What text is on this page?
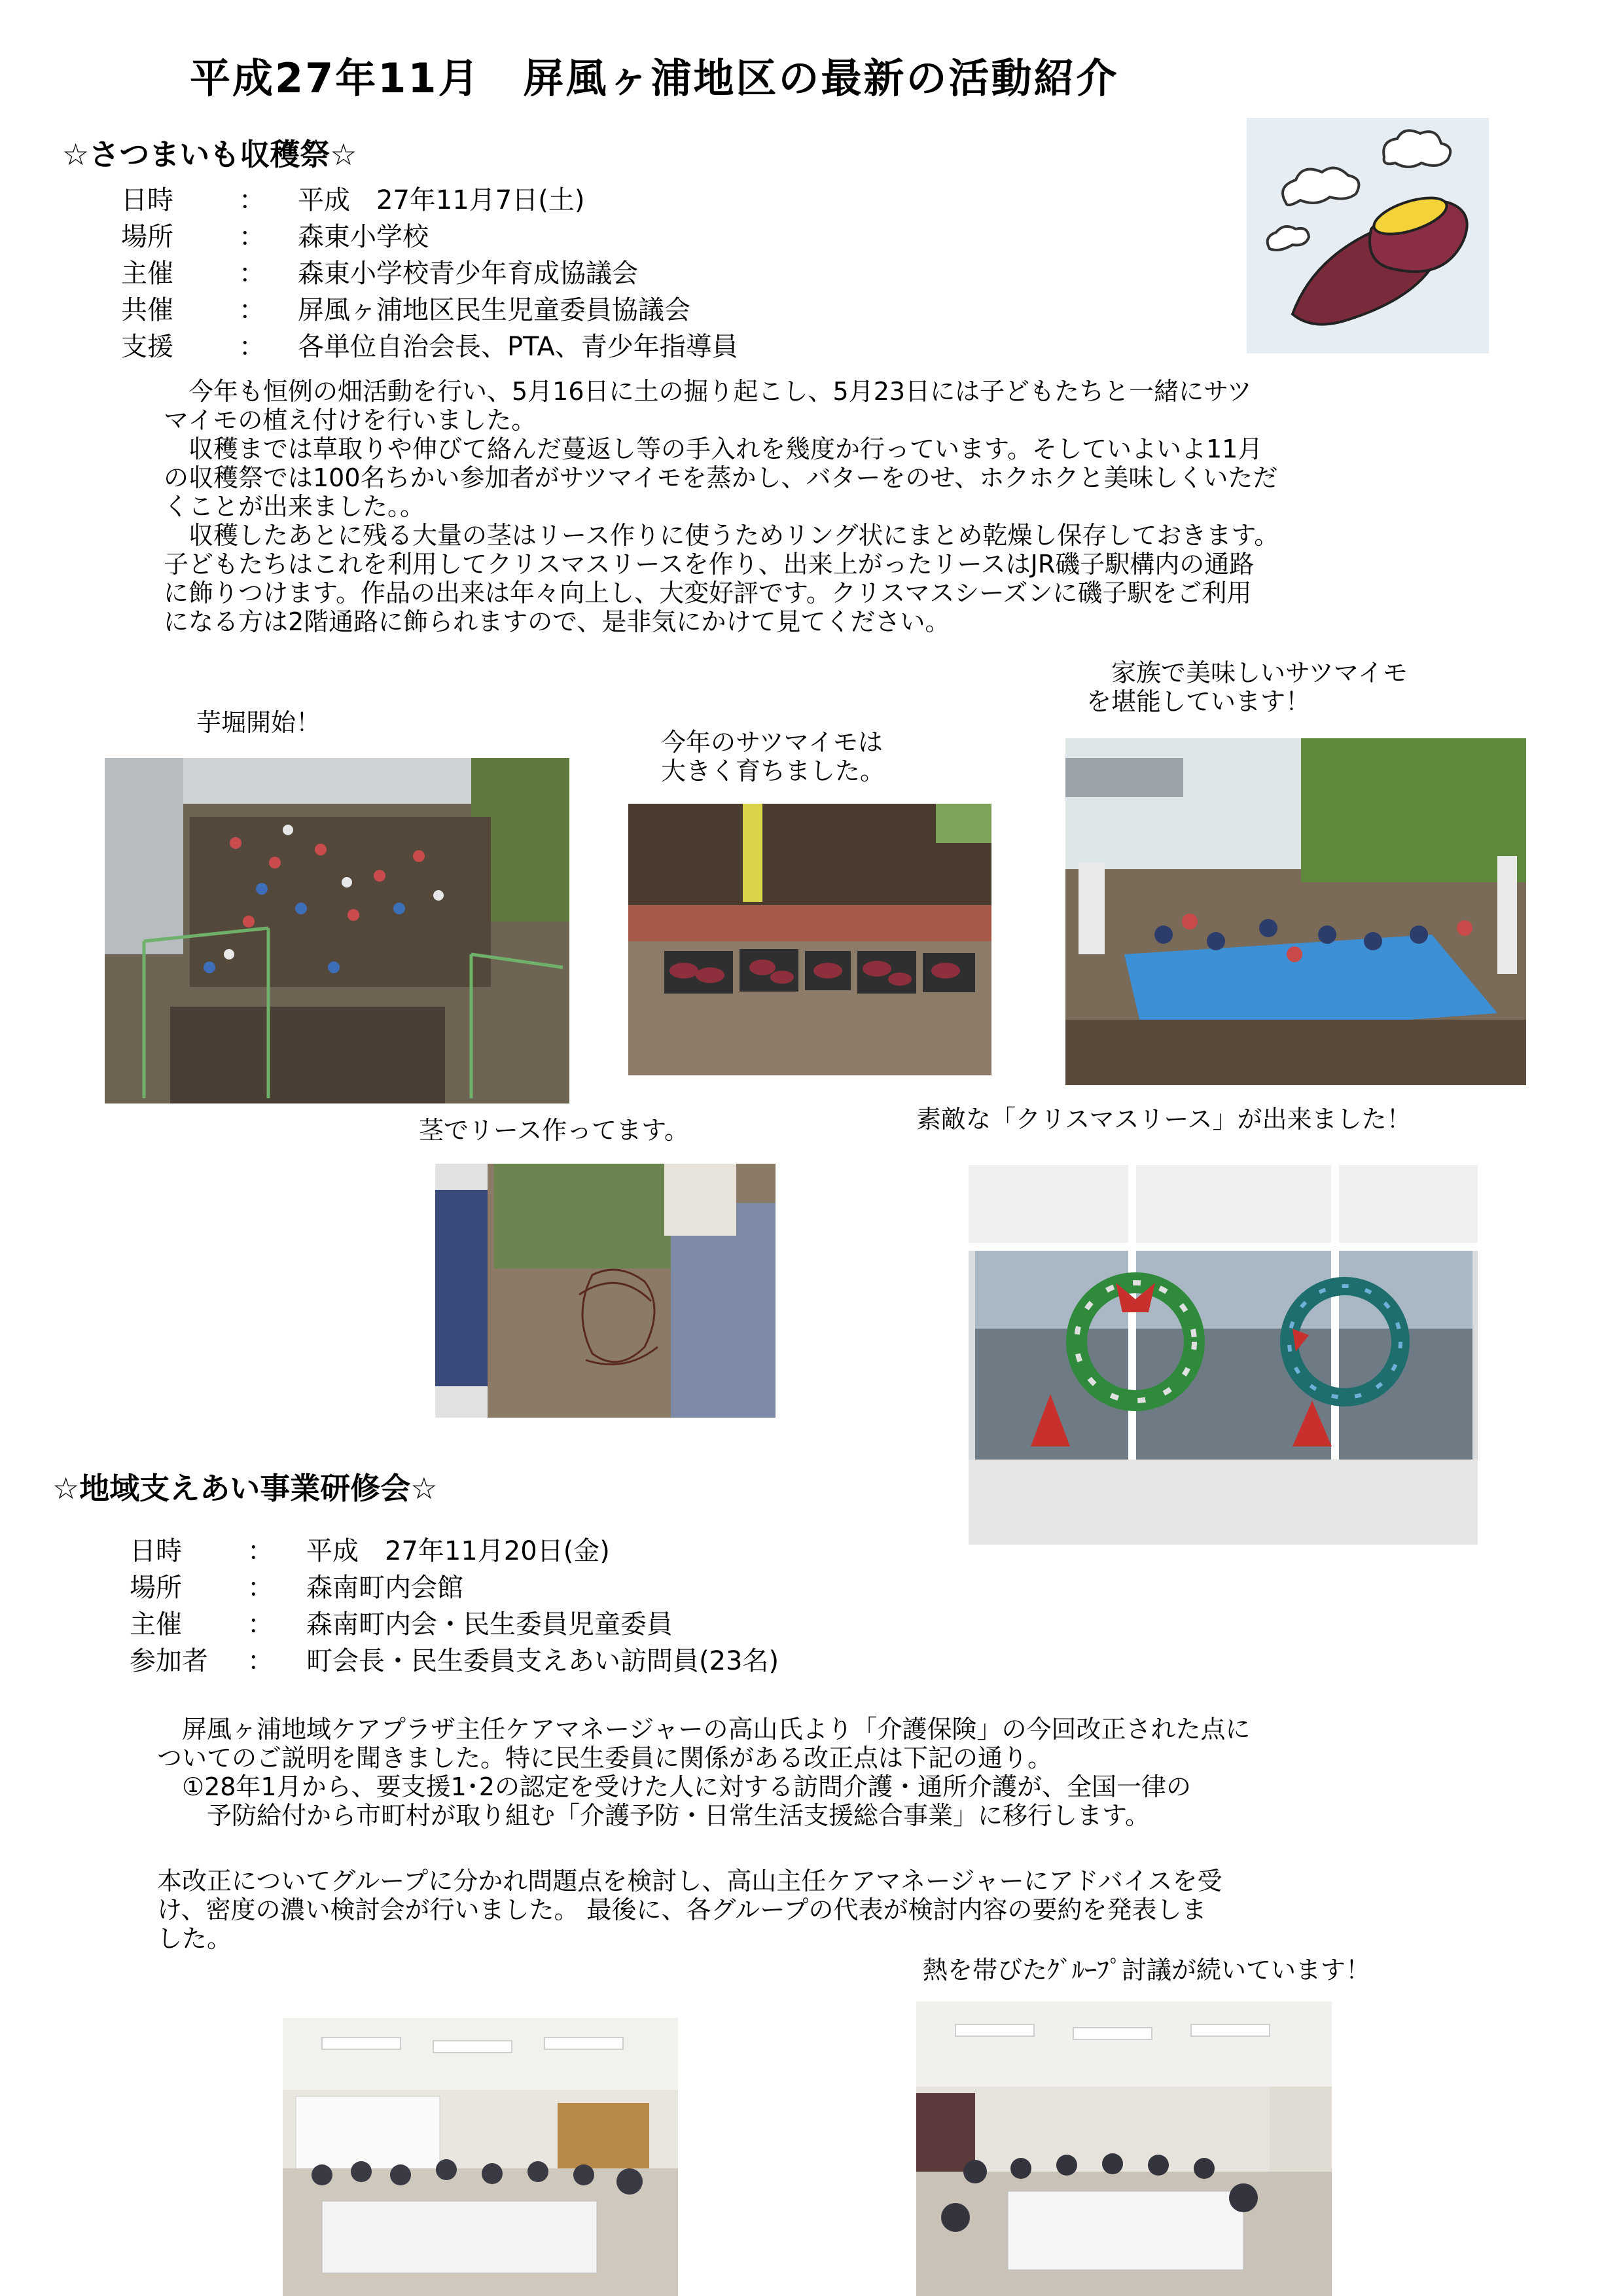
平成27年11月　屏風ヶ浦地区の最新の活動紹介
☆さつまいも収穫祭☆
日時	：	平成　27年11月7日(土)
場所	：	森東小学校
主催	：	森東小学校青少年育成協議会
共催	：	屏風ヶ浦地区民生児童委員協議会
支援	：	各単位自治会長、PTA、青少年指導員

　今年も恒例の畑活動を行い、5月16日に土の掘り起こし、5月23日には子どもたちと一緒にサツ

マイモの植え付けを行いました。

　収穫までは草取りや伸びて絡んだ蔓返し等の手入れを幾度か行っています。そしていよいよ11月

の収穫祭では100名ちかい参加者がサツマイモを蒸かし、バターをのせ、ホクホクと美味しくいただ

くことが出来ました。。

　収穫したあとに残る大量の茎はリース作りに使うためリング状にまとめ乾燥し保存しておきます。

子どもたちはこれを利用してクリスマスリースを作り、出来上がったリースはJR磯子駅構内の通路

に飾りつけます。作品の出来は年々向上し、大変好評です。クリスマスシーズンに磯子駅をご利用

になる方は2階通路に飾られますので、是非気にかけて見てください。

芋堀開始！
今年のサツマイモは
大きく育ちました。
　家族で美味しいサツマイモ
を堪能しています！
茎でリース作ってます。	素敵な「クリスマスリース」が出来ました！
☆地域支えあい事業研修会☆
日時	：	平成　27年11月20日(金)
場所	：	森南町内会館
主催	：	森南町内会・民生委員児童委員
参加者	：	町会長・民生委員支えあい訪問員(23名)

　屏風ヶ浦地域ケアプラザ主任ケアマネージャーの高山氏より「介護保険」の今回改正された点に

ついてのご説明を聞きました。特に民生委員に関係がある改正点は下記の通り。

　①28年1月から、要支援1･2の認定を受けた人に対する訪問介護・通所介護が、全国一律の

　　予防給付から市町村が取り組む「介護予防・日常生活支援総合事業」に移行します。

本改正についてグループに分かれ問題点を検討し、高山主任ケアマネージャーにアドバイスを受

け、密度の濃い検討会が行いました。 最後に、各グループの代表が検討内容の要約を発表しま

した。

熱を帯びたｸﾞﾙｰﾌﾟ討議が続いています！
